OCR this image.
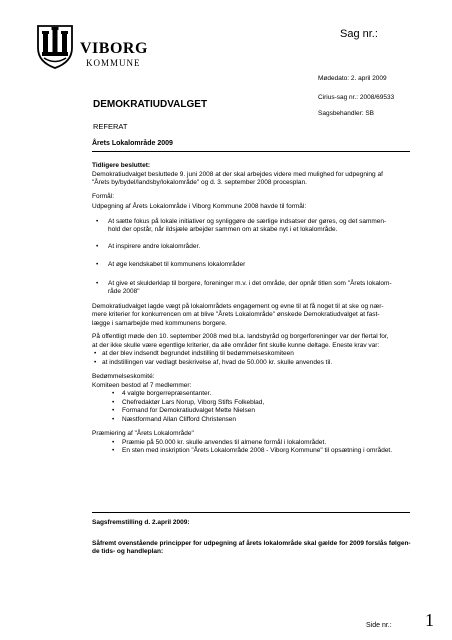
VIBORG
KOMMUNE
Sag nr.:
Mødedato: 2. april 2009
Cirius-sag nr.: 2008/69533
Sagsbehandler: SB
DEMOKRATIUDVALGET
REFERAT
Årets Lokalområde 2009

Tidligere besluttet:

Demokratiudvalget besluttede 9. juni 2008 at der skal arbejdes videre med mulighed for udpegning af

"Årets by/bydel/landsby/lokalområde" og d. 3. september 2008 procesplan.

Formål:

Udpegning af Årets Lokalområde i Viborg Kommune 2008 havde til formål:

• At sætte fokus på lokale initiativer og synliggøre de særlige indsatser der gøres, og det sammen-

hold der opstår, når ildsjæle arbejder sammen om at skabe nyt i et lokalområde.

• At inspirere andre lokalområder.

• At øge kendskabet til kommunens lokalområder

• At give et skulderklap til borgere, foreninger m.v. i det område, der opnår titlen som "Årets lokalom-

råde 2008"

Demokratiudvalget lagde vægt på lokalområdets engagement og evne til at få noget til at ske og nær-

mere kriterier for konkurrencen om at blive "Årets Lokalområde" ønskede Demokratiudvalget at fast-

lægge i samarbejde med kommunens borgere.

På offentligt møde den 10. september 2008 med bl.a. landsbyråd og borgerforeninger var der flertal for,

at der ikke skulle være egentlige kriterier, da alle områder fint skulle kunne deltage. Eneste krav var:

• at der blev indsendt begrundet indstilling til bedømmelseskomiteen

• at indstillingen var vedlagt beskrivelse af, hvad de 50.000 kr. skulle anvendes til.

Bedømmelseskomité:

Komiteen bestod af 7 medlemmer:

• 4 valgte borgerrepræsentanter.

• Chefredaktør Lars Norup, Viborg Stifts Folkeblad,

• Formand for Demokratiudvalget Mette Nielsen

• Næstformand Allan Clifford Christensen

Præmiering af "Årets Lokalområde"

• Præmie på 50.000 kr. skulle anvendes til almene formål i lokalområdet.

• En sten med inskription "Årets Lokalområde 2008 - Viborg Kommune" til opsætning i området.

Sagsfremstilling d. 2.april 2009:

Såfremt ovenstående principper for udpegning af årets lokalområde skal gælde for 2009 forslås følgen-

de tids- og handleplan:

Side nr.: 1
